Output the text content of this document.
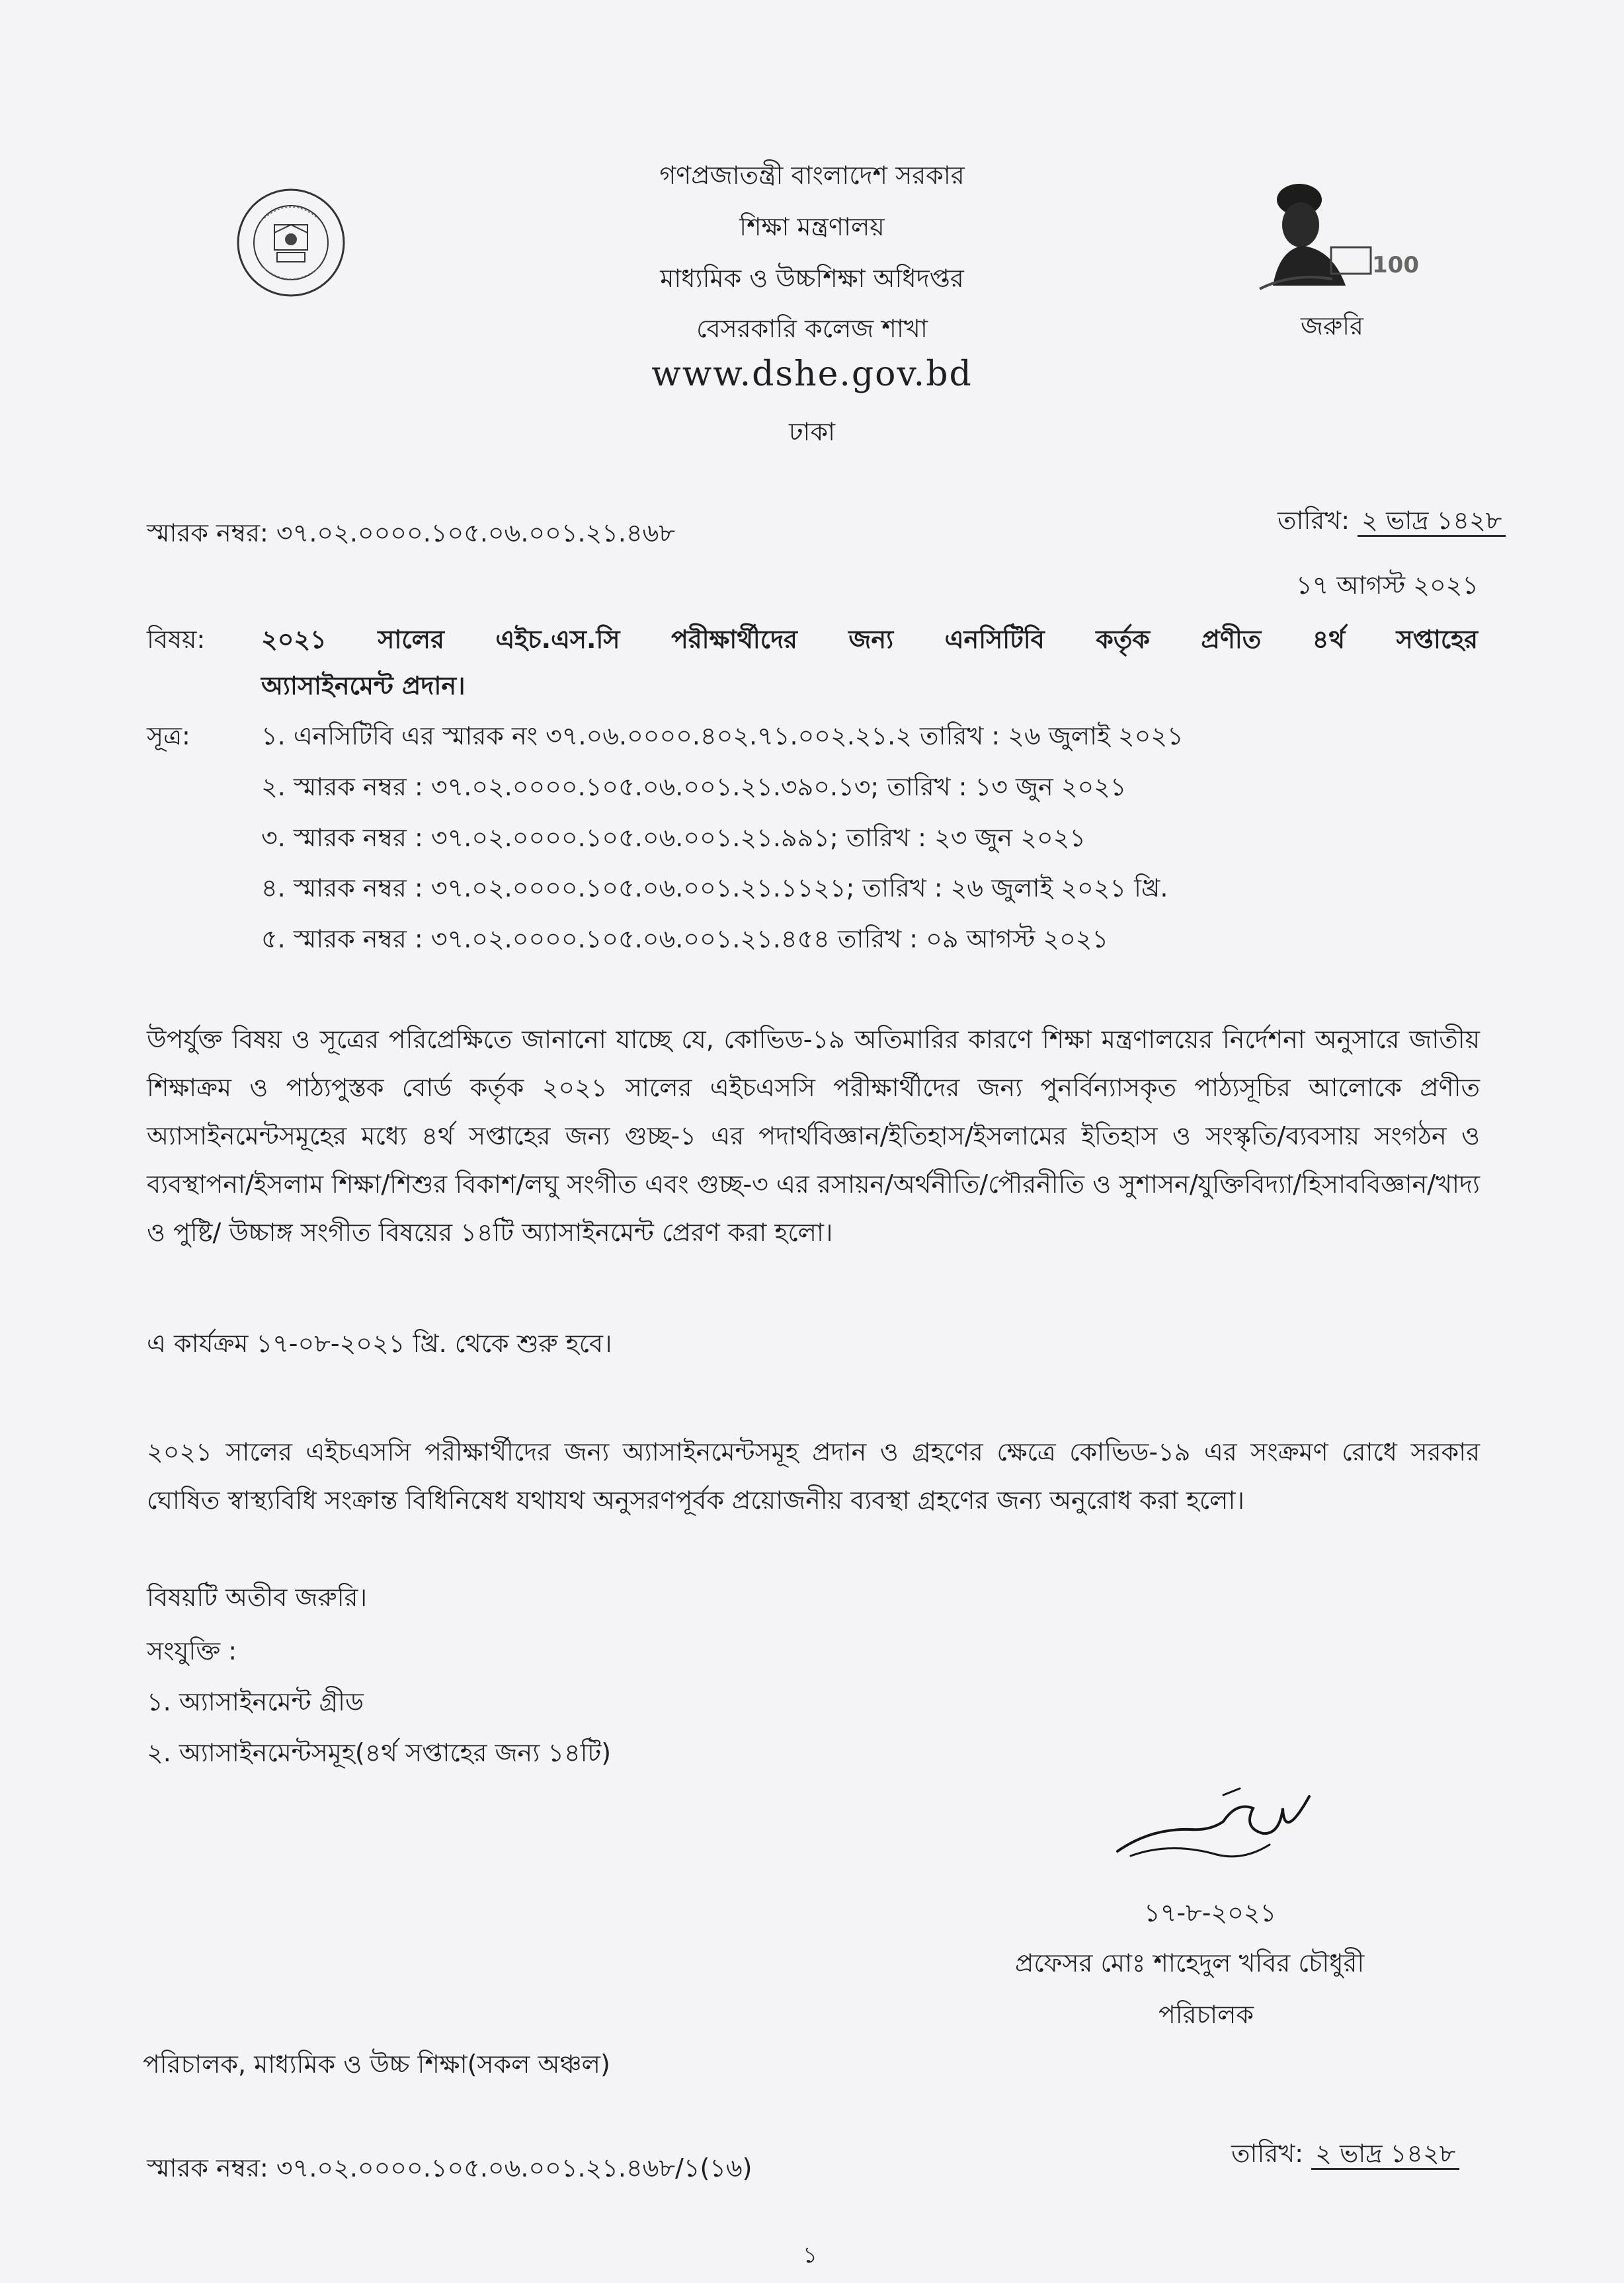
গণপ্রজাতন্ত্রী বাংলাদেশ সরকার
শিক্ষা মন্ত্রণালয়
মাধ্যমিক ও উচ্চশিক্ষা অধিদপ্তর
বেসরকারি কলেজ শাখা
www.dshe.gov.bd
ঢাকা
100
জরুরি
স্মারক নম্বর: ৩৭.০২.০০০০.১০৫.০৬.০০১.২১.৪৬৮	তারিখ: ২ ভাদ্র ১৪২৮
১৭ আগস্ট ২০২১
বিষয়: ২০২১ সালের এইচ.এস.সি পরীক্ষার্থীদের জন্য এনসিটিবি কর্তৃক প্রণীত ৪র্থ সপ্তাহের
অ্যাসাইনমেন্ট প্রদান।
সূত্র:	১. এনসিটিবি এর স্মারক নং ৩৭.০৬.০০০০.৪০২.৭১.০০২.২১.২ তারিখ : ২৬ জুলাই ২০২১
২. স্মারক নম্বর : ৩৭.০২.০০০০.১০৫.০৬.০০১.২১.৩৯০.১৩; তারিখ : ১৩ জুন ২০২১
৩. স্মারক নম্বর : ৩৭.০২.০০০০.১০৫.০৬.০০১.২১.৯৯১; তারিখ : ২৩ জুন ২০২১
৪. স্মারক নম্বর : ৩৭.০২.০০০০.১০৫.০৬.০০১.২১.১১২১; তারিখ : ২৬ জুলাই ২০২১ খ্রি.
৫. স্মারক নম্বর : ৩৭.০২.০০০০.১০৫.০৬.০০১.২১.৪৫৪ তারিখ : ০৯ আগস্ট ২০২১
উপর্যুক্ত বিষয় ও সূত্রের পরিপ্রেক্ষিতে জানানো যাচ্ছে যে, কোভিড-১৯ অতিমারির কারণে শিক্ষা মন্ত্রণালয়ের নির্দেশনা অনুসারে জাতীয় শিক্ষাক্রম ও পাঠ্যপুস্তক বোর্ড কর্তৃক ২০২১ সালের এইচএসসি পরীক্ষার্থীদের জন্য পুনর্বিন্যাসকৃত পাঠ্যসূচির আলোকে প্রণীত অ্যাসাইনমেন্টসমূহের মধ্যে ৪র্থ সপ্তাহের জন্য গুচ্ছ-১ এর পদার্থবিজ্ঞান/ইতিহাস/ইসলামের ইতিহাস ও সংস্কৃতি/ব্যবসায় সংগঠন ও ব্যবস্থাপনা/ইসলাম শিক্ষা/শিশুর বিকাশ/লঘু সংগীত এবং গুচ্ছ-৩ এর রসায়ন/অর্থনীতি/পৌরনীতি ও সুশাসন/যুক্তিবিদ্যা/হিসাববিজ্ঞান/খাদ্য ও পুষ্টি/ উচ্চাঙ্গ সংগীত বিষয়ের ১৪টি অ্যাসাইনমেন্ট প্রেরণ করা হলো।
এ কার্যক্রম ১৭-০৮-২০২১ খ্রি. থেকে শুরু হবে।
২০২১ সালের এইচএসসি পরীক্ষার্থীদের জন্য অ্যাসাইনমেন্টসমূহ প্রদান ও গ্রহণের ক্ষেত্রে কোভিড-১৯ এর সংক্রমণ রোধে সরকার ঘোষিত স্বাস্থ্যবিধি সংক্রান্ত বিধিনিষেধ যথাযথ অনুসরণপূর্বক প্রয়োজনীয় ব্যবস্থা গ্রহণের জন্য অনুরোধ করা হলো।
বিষয়টি অতীব জরুরি।
সংযুক্তি :
১. অ্যাসাইনমেন্ট গ্রীড
২. অ্যাসাইনমেন্টসমূহ(৪র্থ সপ্তাহের জন্য ১৪টি)
১৭-৮-২০২১
প্রফেসর মোঃ শাহেদুল খবির চৌধুরী
পরিচালক
পরিচালক, মাধ্যমিক ও উচ্চ শিক্ষা(সকল অঞ্চল)
স্মারক নম্বর: ৩৭.০২.০০০০.১০৫.০৬.০০১.২১.৪৬৮/১(১৬)	তারিখ: ২ ভাদ্র ১৪২৮
১
